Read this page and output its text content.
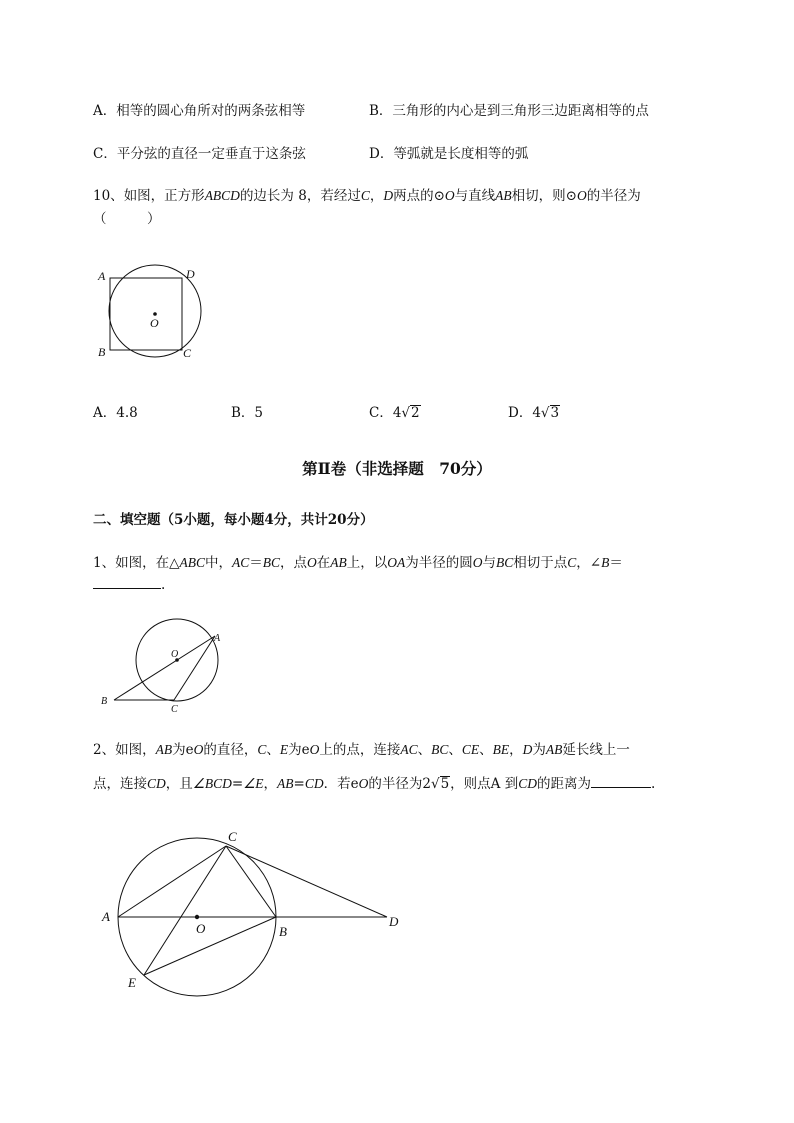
A．相等的圆心角所对的两条弦相等	B．三角形的内心是到三角形三边距离相等的点
C．平分弦的直径一定垂直于这条弦	D．等弧就是长度相等的弧
10、如图，正方形ABCD的边长为 8，若经过C，D两点的⊙O与直线AB相切，则⊙O的半径为
（　　　）
A
B	C
D
O
A．4.8	B．5	C．4√2	D．4√3
第Ⅱ卷（非选择题　70分）
二、填空题（5小题，每小题4分，共计20分）
1、如图，在△ABC中，AC＝BC，点O在AB上，以OA为半径的圆O与BC相切于点C，∠B＝
.
A
B
C
O
2、如图，AB为eO的直径，C、E为eO上的点，连接AC、BC、CE、BE，D为AB延长线上一
点，连接CD，且∠BCD=∠E，AB=CD．若eO的半径为2√5，则点A 到CD的距离为	.
A
B
C
D
E
O
